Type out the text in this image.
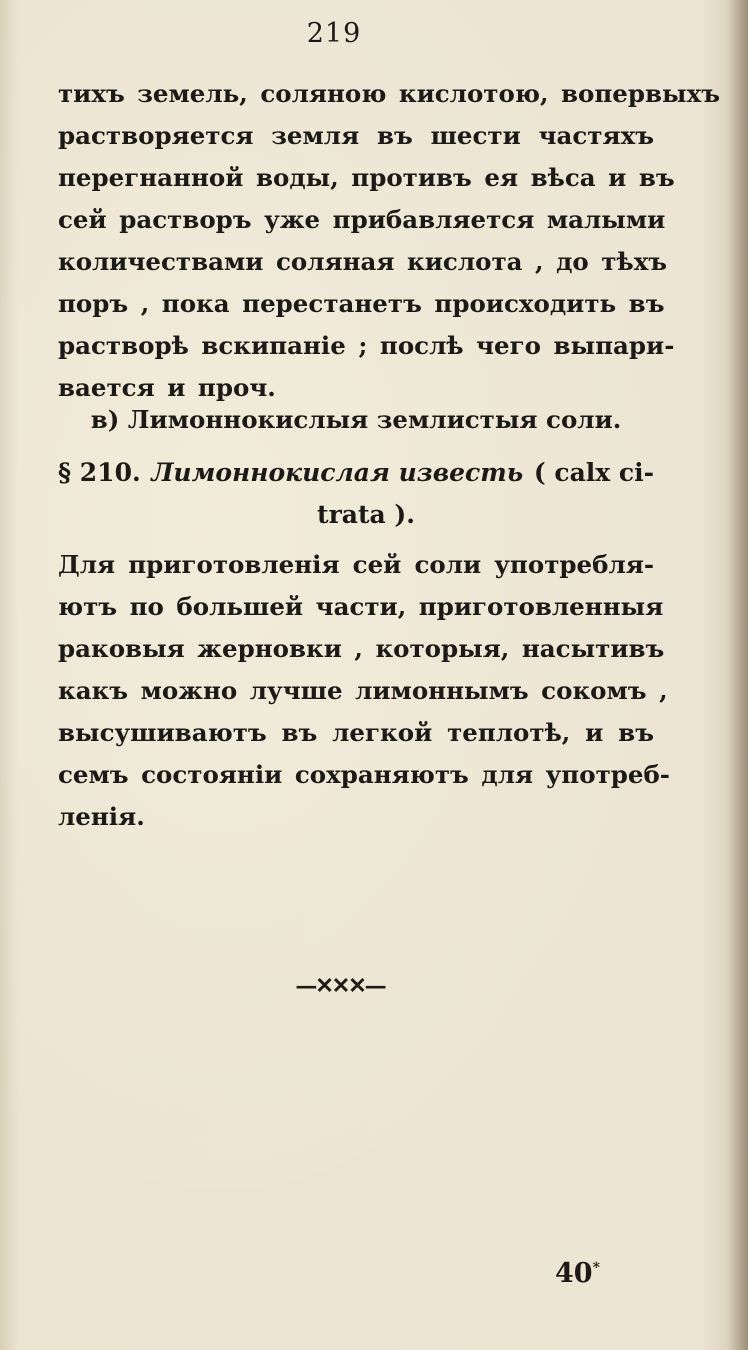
219
тихъ земель, соляною кислотою, вопервыхъ
растворяется земля въ шести частяхъ
перегнанной воды, противъ ея вѣса и въ
сей растворъ уже прибавляется малыми
количествами соляная кислота , до тѣхъ
поръ , пока перестанетъ происходить въ
растворѣ вскипаніе ; послѣ чего выпари-
вается и проч.
в) Лимоннокислыя землистыя соли.
§ 210. Лимоннокислая известь ( calx ci-
trata ).
Для приготовленія сей соли употребля-
ютъ по большей части, приготовленныя
раковыя жерновки , которыя, насытивъ
какъ можно лучше лимоннымъ сокомъ ,
высушиваютъ въ легкой теплотѣ, и въ
семъ состояніи сохраняютъ для употреб-
ленія.
—✕✕✕—
40*
